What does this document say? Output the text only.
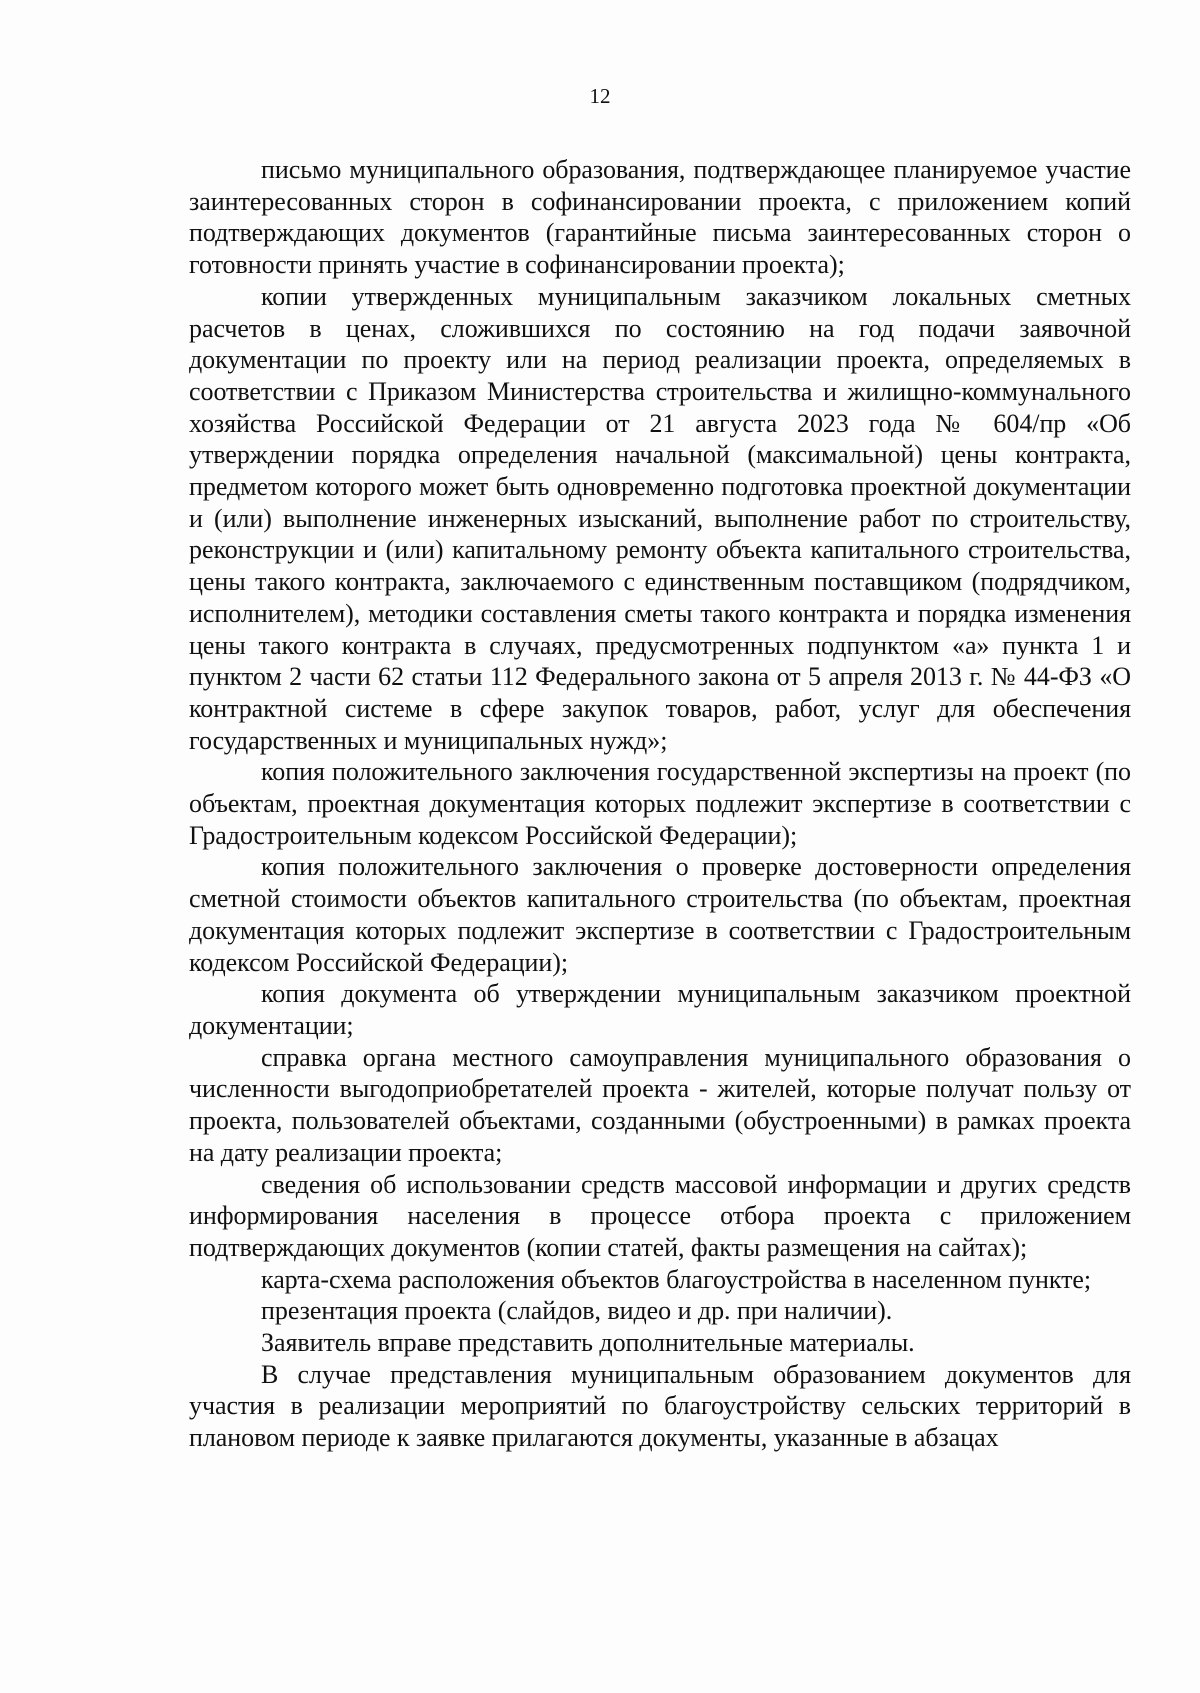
12

письмо муниципального образования, подтверждающее планируемое участие заинтересованных сторон в софинансировании проекта, с приложением копий подтверждающих документов (гарантийные письма заинтересованных сторон о готовности принять участие в софинансировании проекта);

копии утвержденных муниципальным заказчиком локальных сметных расчетов в ценах, сложившихся по состоянию на год подачи заявочной документации по проекту или на период реализации проекта, определяемых в соответствии с Приказом Министерства строительства и жилищно-коммунального хозяйства Российской Федерации от 21 августа 2023 года № 604/пр «Об утверждении порядка определения начальной (максимальной) цены контракта, предметом которого может быть одновременно подготовка проектной документации и (или) выполнение инженерных изысканий, выполнение работ по строительству, реконструкции и (или) капитальному ремонту объекта капитального строительства, цены такого контракта, заключаемого с единственным поставщиком (подрядчиком, исполнителем), методики составления сметы такого контракта и порядка изменения цены такого контракта в случаях, предусмотренных подпунктом «а» пункта 1 и пунктом 2 части 62 статьи 112 Федерального закона от 5 апреля 2013 г. № 44-ФЗ «О контрактной системе в сфере закупок товаров, работ, услуг для обеспечения государственных и муниципальных нужд»;

копия положительного заключения государственной экспертизы на проект (по объектам, проектная документация которых подлежит экспертизе в соответствии с Градостроительным кодексом Российской Федерации);

копия положительного заключения о проверке достоверности определения сметной стоимости объектов капитального строительства (по объектам, проектная документация которых подлежит экспертизе в соответствии с Градостроительным кодексом Российской Федерации);

копия документа об утверждении муниципальным заказчиком проектной документации;

справка органа местного самоуправления муниципального образования о численности выгодоприобретателей проекта - жителей, которые получат пользу от проекта, пользователей объектами, созданными (обустроенными) в рамках проекта на дату реализации проекта;

сведения об использовании средств массовой информации и других средств информирования населения в процессе отбора проекта с приложением подтверждающих документов (копии статей, факты размещения на сайтах);

карта-схема расположения объектов благоустройства в населенном пункте;

презентация проекта (слайдов, видео и др. при наличии).

Заявитель вправе представить дополнительные материалы.

В случае представления муниципальным образованием документов для участия в реализации мероприятий по благоустройству сельских территорий в плановом периоде к заявке прилагаются документы, указанные в абзацах
